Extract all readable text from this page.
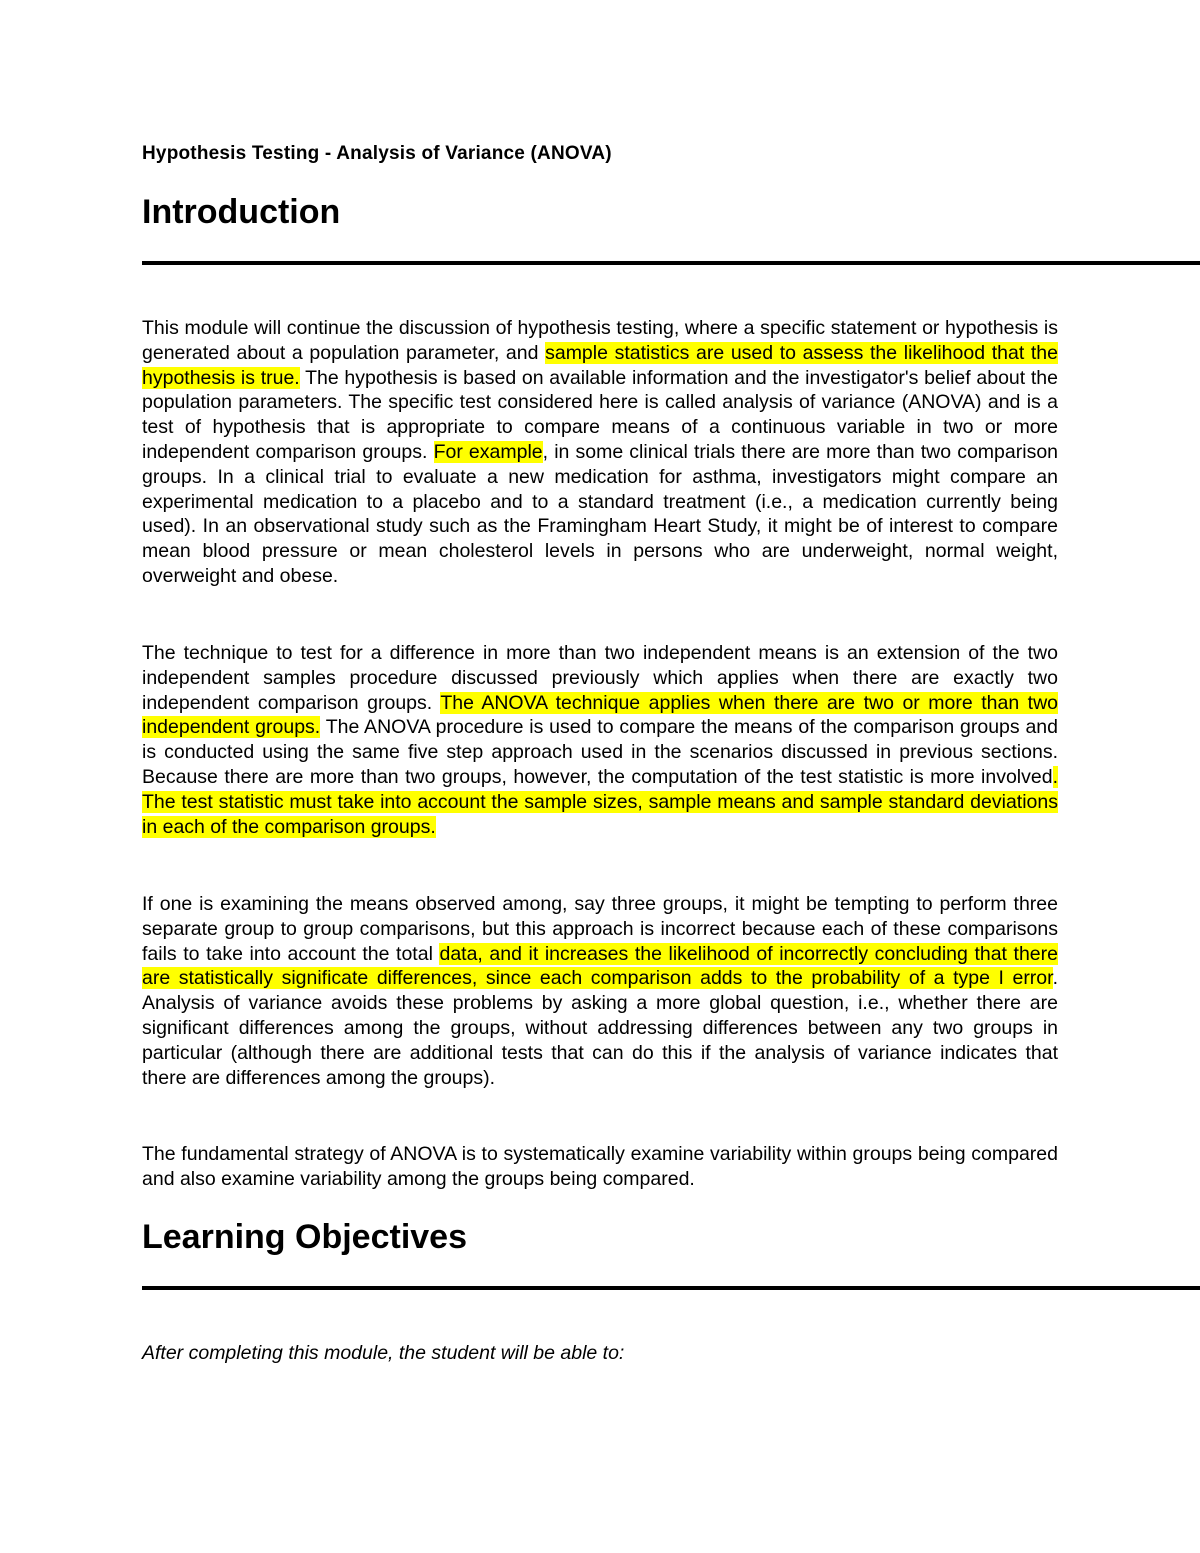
Hypothesis Testing - Analysis of Variance (ANOVA)
Introduction

This module will continue the discussion of hypothesis testing, where a specific statement or hypothesis is generated about a population parameter, and sample statistics are used to assess the likelihood that the hypothesis is true. The hypothesis is based on available information and the investigator's belief about the population parameters. The specific test considered here is called analysis of variance (ANOVA) and is a test of hypothesis that is appropriate to compare means of a continuous variable in two or more independent comparison groups. For example, in some clinical trials there are more than two comparison groups. In a clinical trial to evaluate a new medication for asthma, investigators might compare an experimental medication to a placebo and to a standard treatment (i.e., a medication currently being used). In an observational study such as the Framingham Heart Study, it might be of interest to compare mean blood pressure or mean cholesterol levels in persons who are underweight, normal weight, overweight and obese.

The technique to test for a difference in more than two independent means is an extension of the two independent samples procedure discussed previously which applies when there are exactly two independent comparison groups. The ANOVA technique applies when there are two or more than two independent groups. The ANOVA procedure is used to compare the means of the comparison groups and is conducted using the same five step approach used in the scenarios discussed in previous sections. Because there are more than two groups, however, the computation of the test statistic is more involved. The test statistic must take into account the sample sizes, sample means and sample standard deviations in each of the comparison groups.

If one is examining the means observed among, say three groups, it might be tempting to perform three separate group to group comparisons, but this approach is incorrect because each of these comparisons fails to take into account the total data, and it increases the likelihood of incorrectly concluding that there are statistically significate differences, since each comparison adds to the probability of a type I error. Analysis of variance avoids these problems by asking a more global question, i.e., whether there are significant differences among the groups, without addressing differences between any two groups in particular (although there are additional tests that can do this if the analysis of variance indicates that there are differences among the groups).

The fundamental strategy of ANOVA is to systematically examine variability within groups being compared and also examine variability among the groups being compared.

Learning Objectives
After completing this module, the student will be able to:
